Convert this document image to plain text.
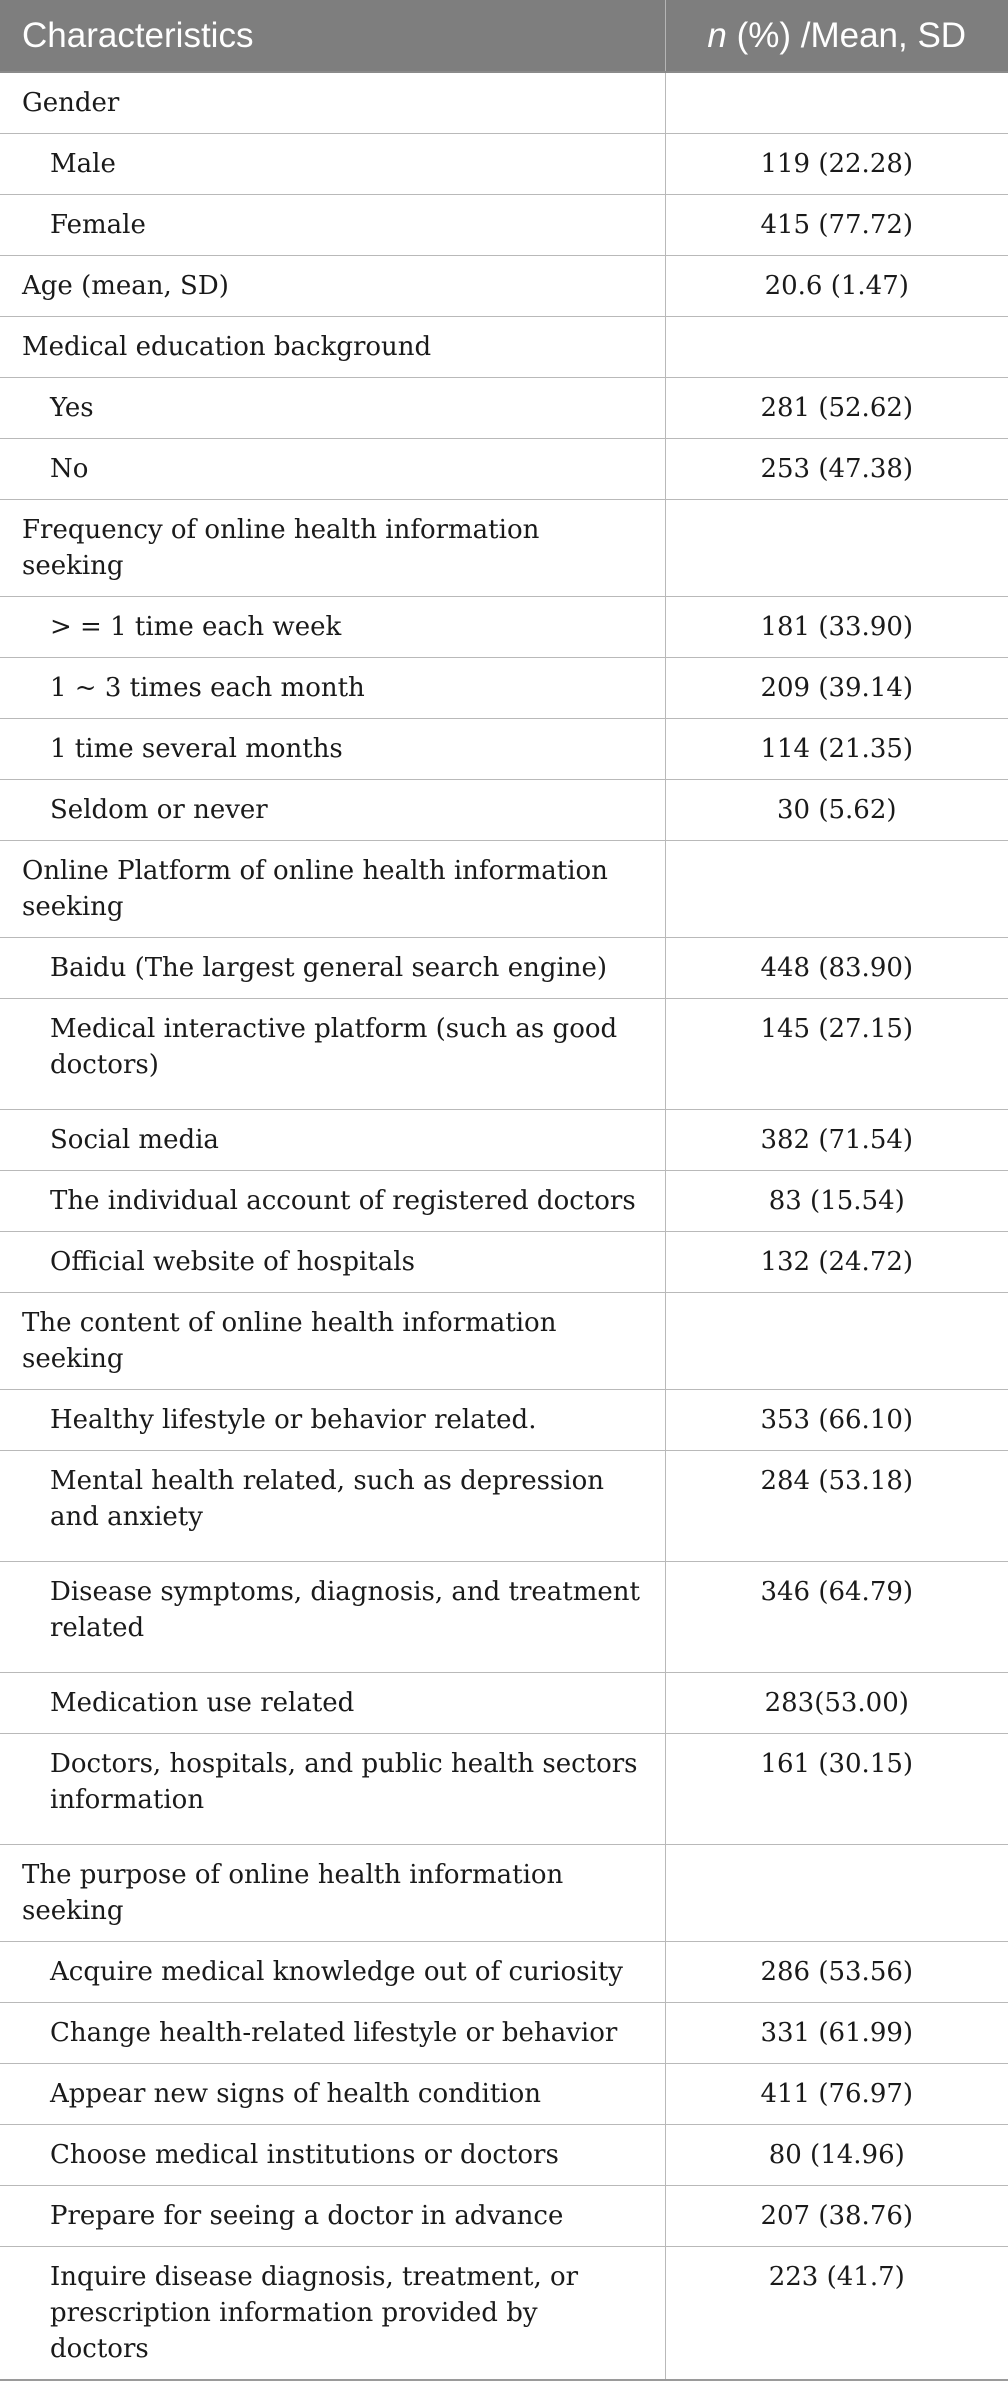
Characteristics	n (%) /Mean, SD
Gender	
Male	119 (22.28)
Female	415 (77.72)
Age (mean, SD)	20.6 (1.47)
Medical education background	
Yes	281 (52.62)
No	253 (47.38)
Frequency of online health information seeking	
> = 1 time each week	181 (33.90)
1 ~ 3 times each month	209 (39.14)
1 time several months	114 (21.35)
Seldom or never	30 (5.62)
Online Platform of online health information seeking	
Baidu (The largest general search engine)	448 (83.90)
Medical interactive platform (such as good doctors)	145 (27.15)
Social media	382 (71.54)
The individual account of registered doctors	83 (15.54)
Official website of hospitals	132 (24.72)
The content of online health information seeking	
Healthy lifestyle or behavior related.	353 (66.10)
Mental health related, such as depression and anxiety	284 (53.18)
Disease symptoms, diagnosis, and treatment related	346 (64.79)
Medication use related	283(53.00)
Doctors, hospitals, and public health sectors information	161 (30.15)
The purpose of online health information seeking	
Acquire medical knowledge out of curiosity	286 (53.56)
Change health-related lifestyle or behavior	331 (61.99)
Appear new signs of health condition	411 (76.97)
Choose medical institutions or doctors	80 (14.96)
Prepare for seeing a doctor in advance	207 (38.76)
Inquire disease diagnosis, treatment, or prescription information provided by doctors	223 (41.7)
